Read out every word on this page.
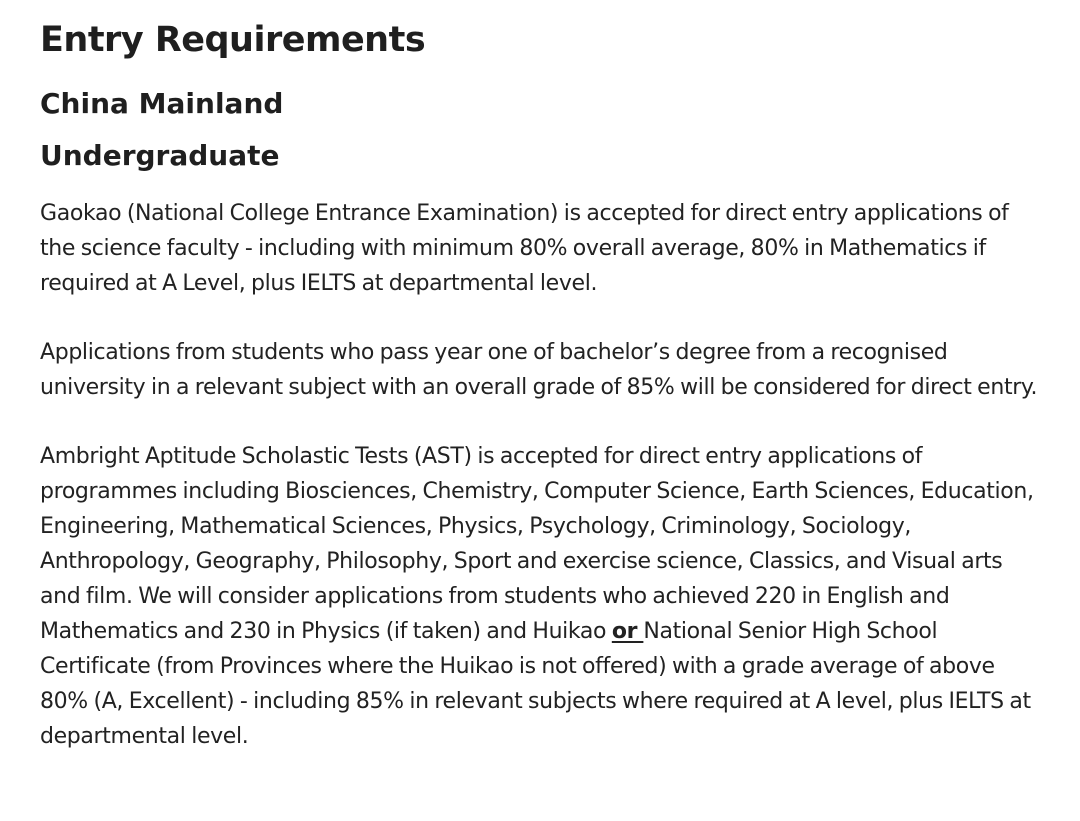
Entry Requirements
China Mainland
Undergraduate

Gaokao (National College Entrance Examination) is accepted for direct entry applications of the science faculty - including with minimum 80% overall average, 80% in Mathematics if required at A Level, plus IELTS at departmental level.

Applications from students who pass year one of bachelor’s degree from a recognised university in a relevant subject with an overall grade of 85% will be considered for direct entry.

Ambright Aptitude Scholastic Tests (AST) is accepted for direct entry applications of programmes including Biosciences, Chemistry, Computer Science, Earth Sciences, Education, Engineering, Mathematical Sciences, Physics, Psychology, Criminology, Sociology, Anthropology, Geography, Philosophy, Sport and exercise science, Classics, and Visual arts and film. We will consider applications from students who achieved 220 in English and Mathematics and 230 in Physics (if taken) and Huikao or National Senior High School Certificate (from Provinces where the Huikao is not offered) with a grade average of above 80% (A, Excellent) - including 85% in relevant subjects where required at A level, plus IELTS at departmental level.
